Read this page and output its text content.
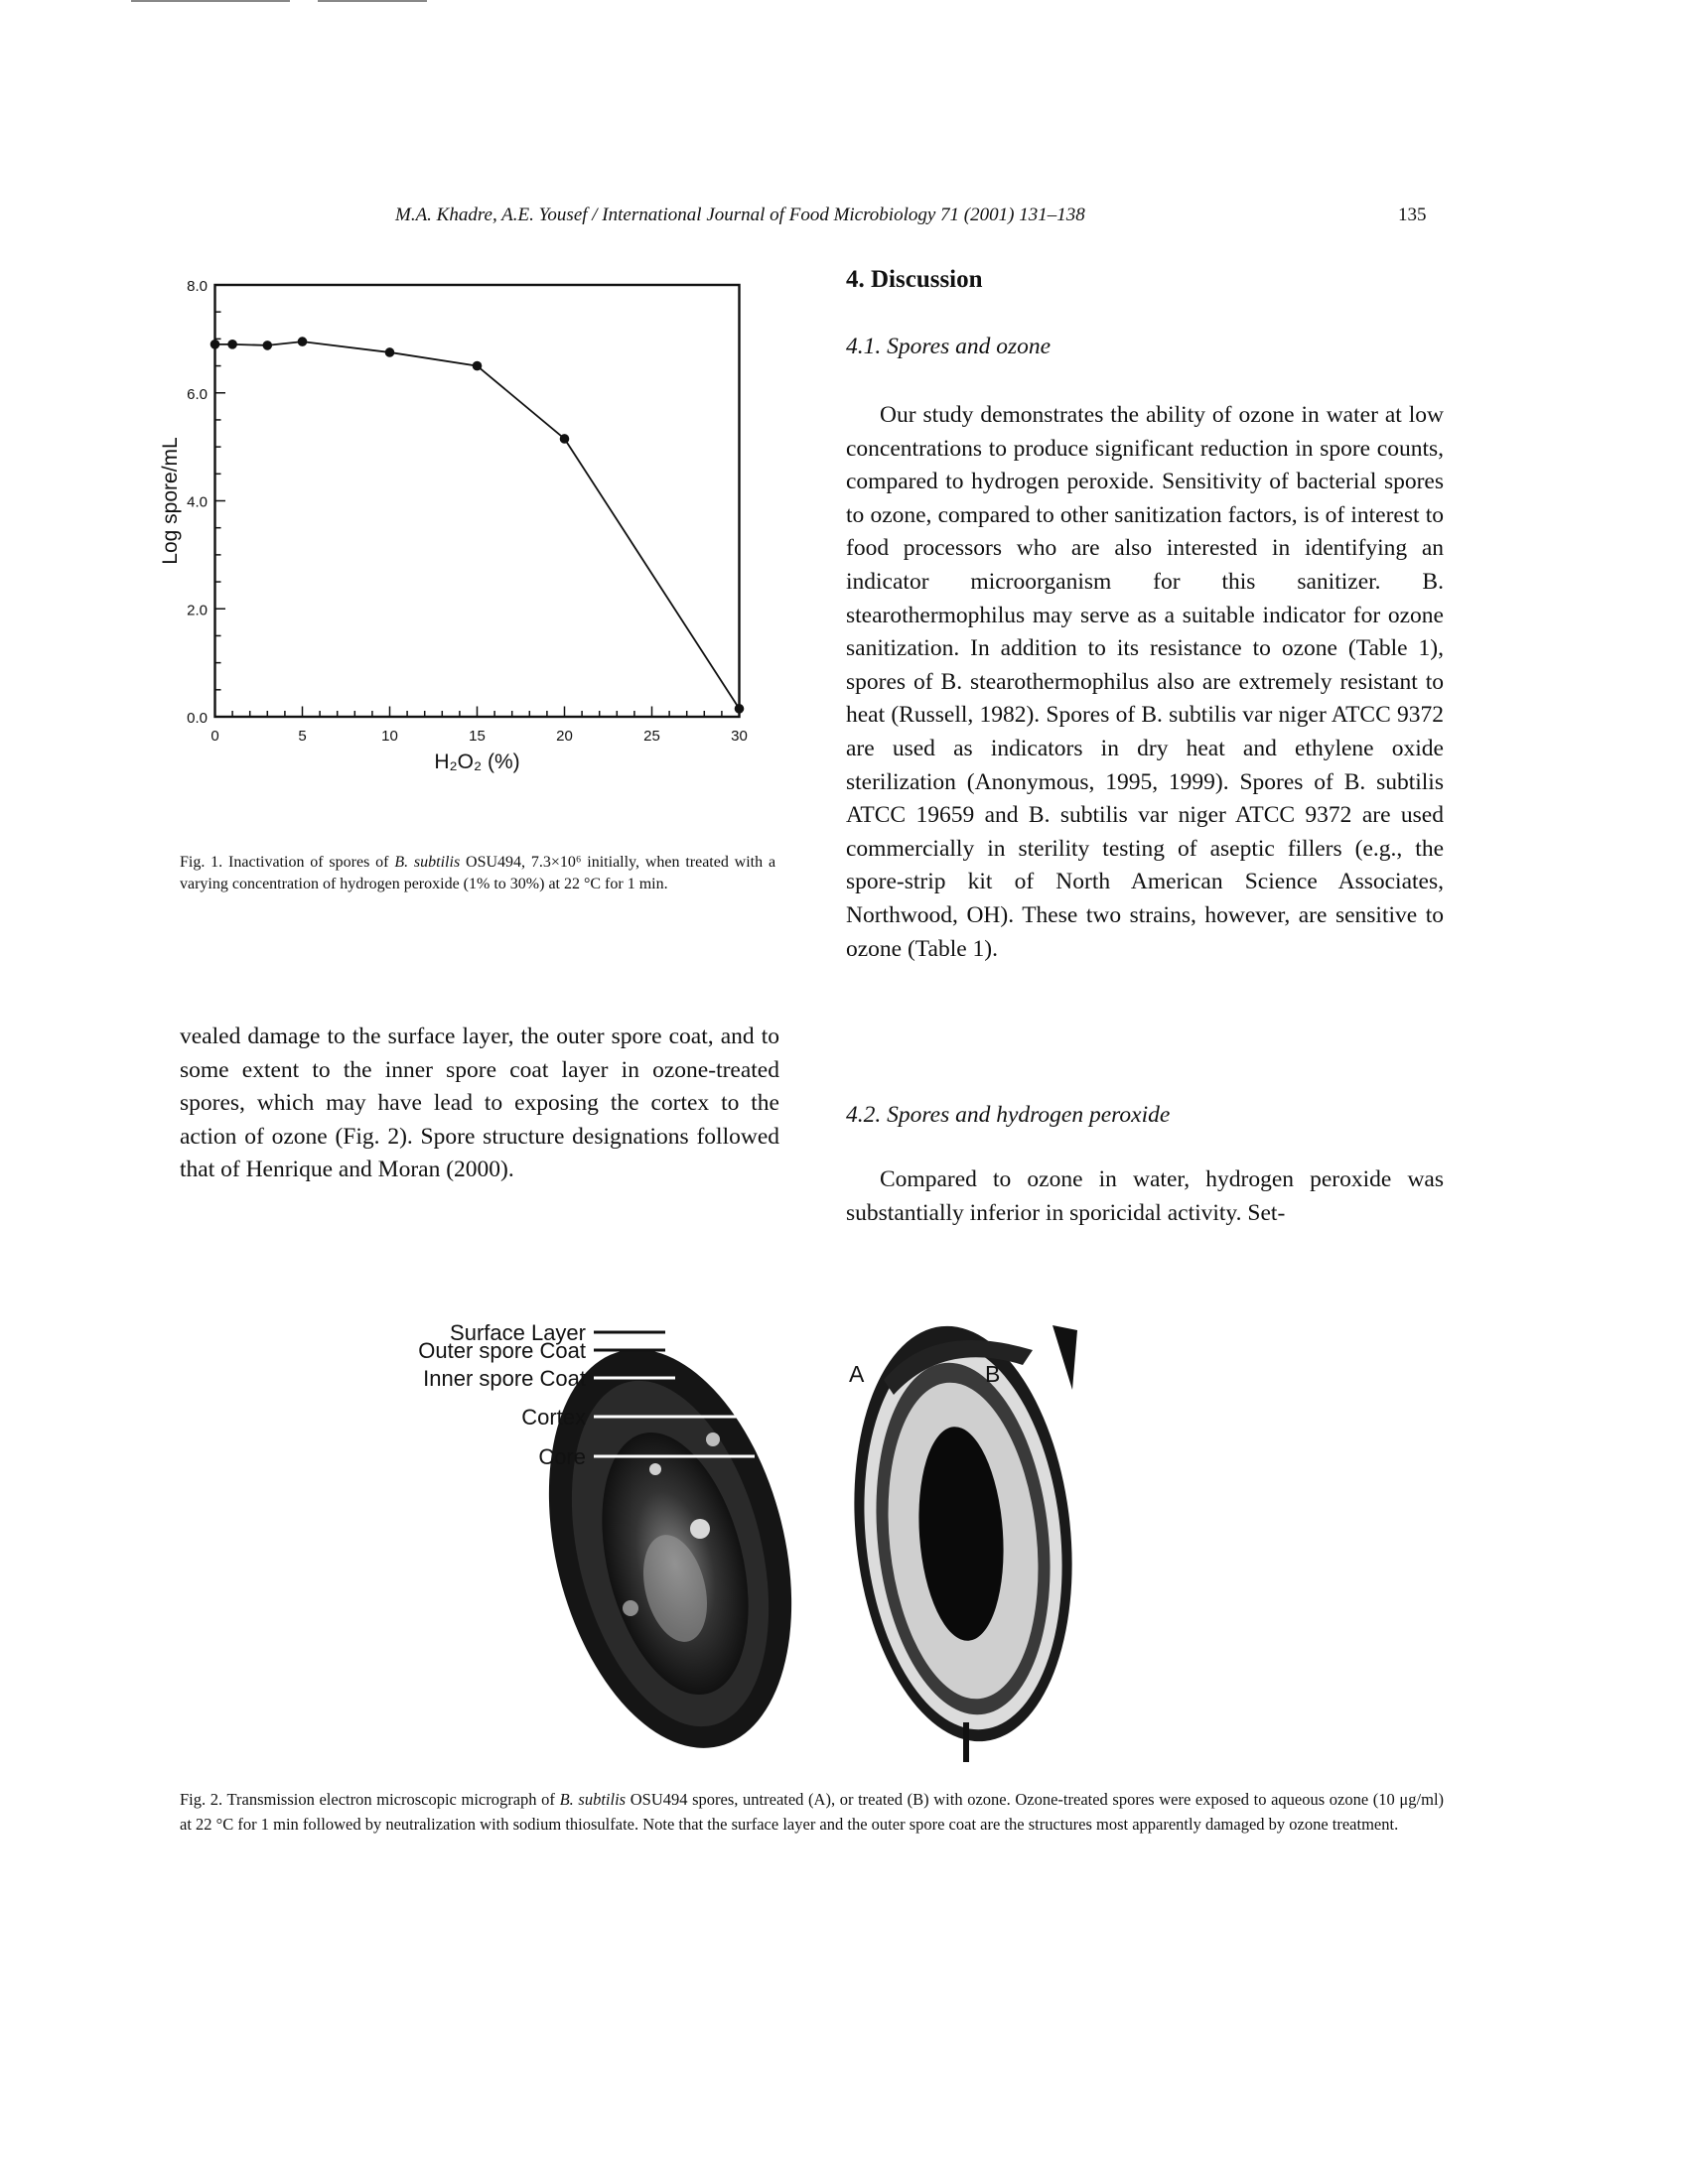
M.A. Khadre, A.E. Yousef / International Journal of Food Microbiology 71 (2001) 131–138	135
Log spore/mL
H₂O₂ (%)
0.0
2.0
4.0
6.0
8.0
0	5	10	15	20	25	30
Fig. 1. Inactivation of spores of B. subtilis OSU494, 7.3×10⁶ initially, when treated with a varying concentration of hydrogen peroxide (1% to 30%) at 22 °C for 1 min.

vealed damage to the surface layer, the outer spore coat, and to some extent to the inner spore coat layer in ozone-treated spores, which may have lead to exposing the cortex to the action of ozone (Fig. 2). Spore structure designations followed that of Henrique and Moran (2000).

4. Discussion
4.1. Spores and ozone

Our study demonstrates the ability of ozone in water at low concentrations to produce significant reduction in spore counts, compared to hydrogen peroxide. Sensitivity of bacterial spores to ozone, compared to other sanitization factors, is of interest to food processors who are also interested in identifying an indicator microorganism for this sanitizer. B. stearothermophilus may serve as a suitable indicator for ozone sanitization. In addition to its resistance to ozone (Table 1), spores of B. stearothermophilus also are extremely resistant to heat (Russell, 1982). Spores of B. subtilis var niger ATCC 9372 are used as indicators in dry heat and ethylene oxide sterilization (Anonymous, 1995, 1999). Spores of B. subtilis ATCC 19659 and B. subtilis var niger ATCC 9372 are used commercially in sterility testing of aseptic fillers (e.g., the spore-strip kit of North American Science Associates, Northwood, OH). These two strains, however, are sensitive to ozone (Table 1).

4.2. Spores and hydrogen peroxide

Compared to ozone in water, hydrogen peroxide was substantially inferior in sporicidal activity. Set-

Surface Layer
Outer spore Coat
Inner spore Coat
Cortex
Core
A	B
Fig. 2. Transmission electron microscopic micrograph of B. subtilis OSU494 spores, untreated (A), or treated (B) with ozone. Ozone-treated spores were exposed to aqueous ozone (10 μg/ml) at 22 °C for 1 min followed by neutralization with sodium thiosulfate. Note that the surface layer and the outer spore coat are the structures most apparently damaged by ozone treatment.
